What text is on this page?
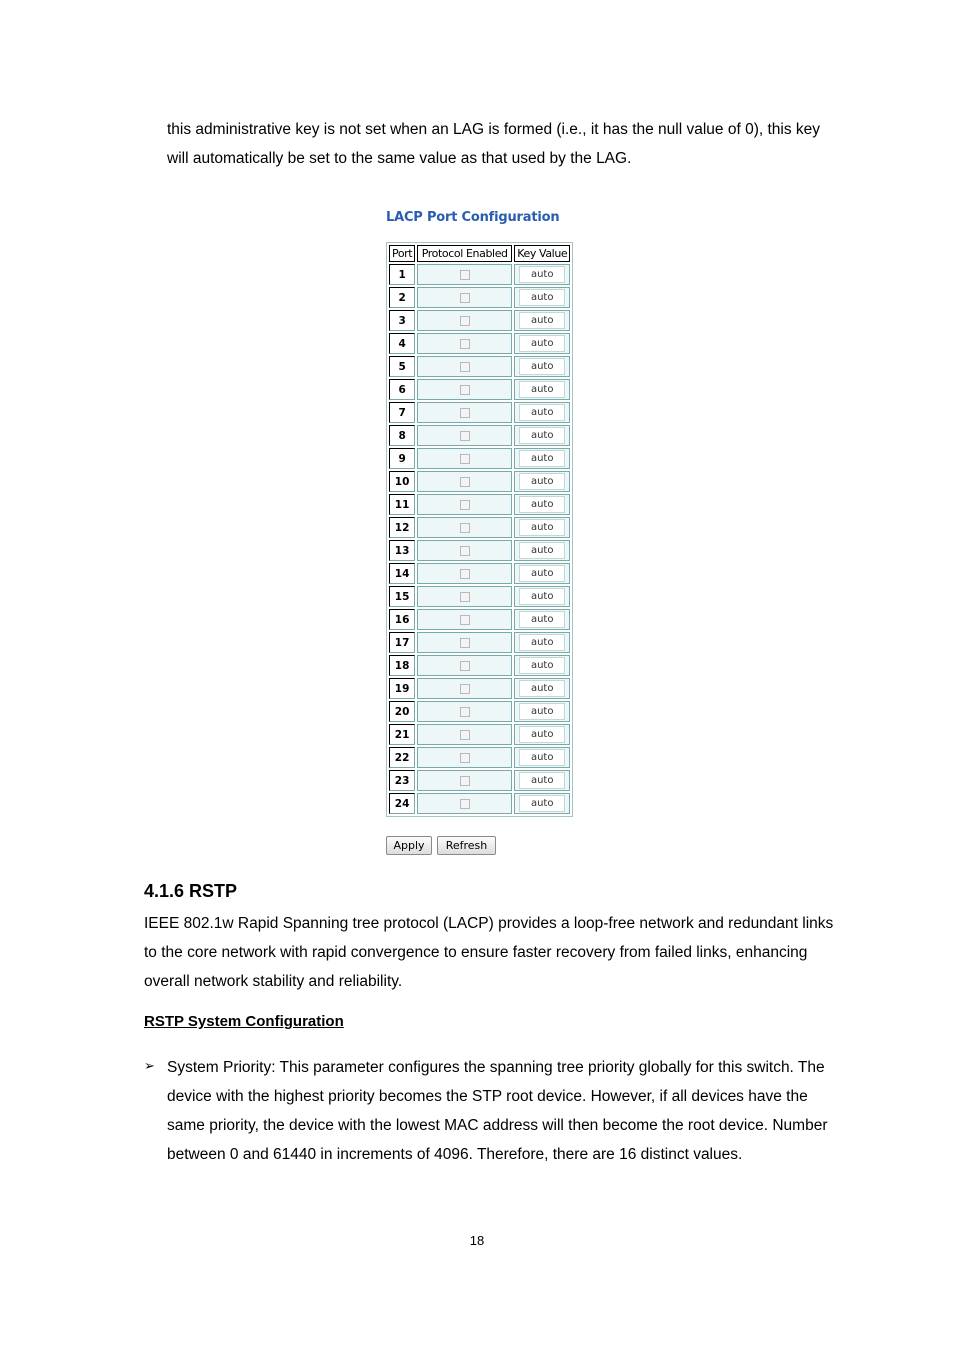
this administrative key is not set when an LAG is formed (i.e., it has the null value of 0), this key will automatically be set to the same value as that used by the LAG.

LACP Port Configuration
Port	Protocol Enabled	Key Value
1		auto
2		auto
3		auto
4		auto
5		auto
6		auto
7		auto
8		auto
9		auto
10		auto
11		auto
12		auto
13		auto
14		auto
15		auto
16		auto
17		auto
18		auto
19		auto
20		auto
21		auto
22		auto
23		auto
24		auto
Apply	Refresh
4.1.6 RSTP

IEEE 802.1w Rapid Spanning tree protocol (LACP) provides a loop-free network and redundant links to the core network with rapid convergence to ensure faster recovery from failed links, enhancing overall network stability and reliability.

RSTP System Configuration
➢ System Priority: This parameter configures the spanning tree priority globally for this switch. The device with the highest priority becomes the STP root device. However, if all devices have the same priority, the device with the lowest MAC address will then become the root device. Number between 0 and 61440 in increments of 4096. Therefore, there are 16 distinct values.

18
